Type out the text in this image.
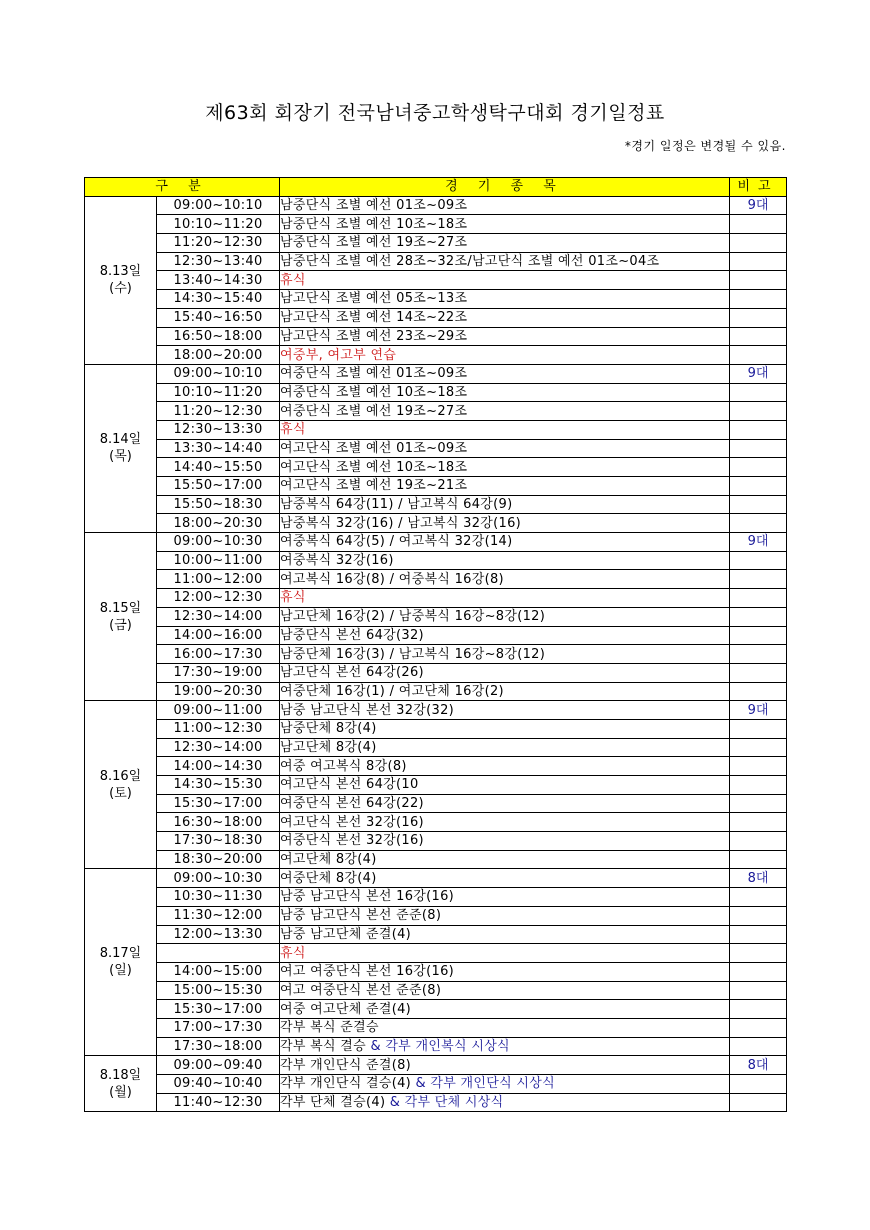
제63회 회장기 전국남녀중고학생탁구대회 경기일정표
*경기 일정은 변경될 수 있음.
구 분		경 기 종 목	비고

8.13일
(수)	09:00~10:10	남중단식 조별 예선 01조~09조	9대
	10:10~11:20	남중단식 조별 예선 10조~18조	
	11:20~12:30	남중단식 조별 예선 19조~27조	
	12:30~13:40	남중단식 조별 예선 28조~32조/남고단식 조별 예선 01조~04조	
	13:40~14:30	휴식	
	14:30~15:40	남고단식 조별 예선 05조~13조	
	15:40~16:50	남고단식 조별 예선 14조~22조	
	16:50~18:00	남고단식 조별 예선 23조~29조	
	18:00~20:00	여중부, 여고부 연습	

8.14일
(목)	09:00~10:10	여중단식 조별 예선 01조~09조	9대
	10:10~11:20	여중단식 조별 예선 10조~18조	
	11:20~12:30	여중단식 조별 예선 19조~27조	
	12:30~13:30	휴식	
	13:30~14:40	여고단식 조별 예선 01조~09조	
	14:40~15:50	여고단식 조별 예선 10조~18조	
	15:50~17:00	여고단식 조별 예선 19조~21조	
	15:50~18:30	남중복식 64강(11) / 남고복식 64강(9)	
	18:00~20:30	남중복식 32강(16) / 남고복식 32강(16)	

8.15일
(금)	09:00~10:30	여중복식 64강(5) / 여고복식 32강(14)	9대
	10:00~11:00	여중복식 32강(16)	
	11:00~12:00	여고복식 16강(8) / 여중복식 16강(8)	
	12:00~12:30	휴식	
	12:30~14:00	남고단체 16강(2) / 남중복식 16강~8강(12)	
	14:00~16:00	남중단식 본선 64강(32)	
	16:00~17:30	남중단체 16강(3) / 남고복식 16강~8강(12)	
	17:30~19:00	남고단식 본선 64강(26)	
	19:00~20:30	여중단체 16강(1) / 여고단체 16강(2)	

8.16일
(토)	09:00~11:00	남중 남고단식 본선 32강(32)	9대
	11:00~12:30	남중단체 8강(4)	
	12:30~14:00	남고단체 8강(4)	
	14:00~14:30	여중 여고복식 8강(8)	
	14:30~15:30	여고단식 본선 64강(10	
	15:30~17:00	여중단식 본선 64강(22)	
	16:30~18:00	여고단식 본선 32강(16)	
	17:30~18:30	여중단식 본선 32강(16)	
	18:30~20:00	여고단체 8강(4)	

8.17일
(일)	09:00~10:30	여중단체 8강(4)	8대
	10:30~11:30	남중 남고단식 본선 16강(16)	
	11:30~12:00	남중 남고단식 본선 준준(8)	
	12:00~13:30	남중 남고단체 준결(4)	
		휴식	
	14:00~15:00	여고 여중단식 본선 16강(16)	
	15:00~15:30	여고 여중단식 본선 준준(8)	
	15:30~17:00	여중 여고단체 준결(4)	
	17:00~17:30	각부 복식 준결승	
	17:30~18:00	각부 복식 결승 & 각부 개인복식 시상식	

8.18일
(월)	09:00~09:40	각부 개인단식 준결(8)	8대
	09:40~10:40	각부 개인단식 결승(4) & 각부 개인단식 시상식	
	11:40~12:30	각부 단체 결승(4) & 각부 단체 시상식	
